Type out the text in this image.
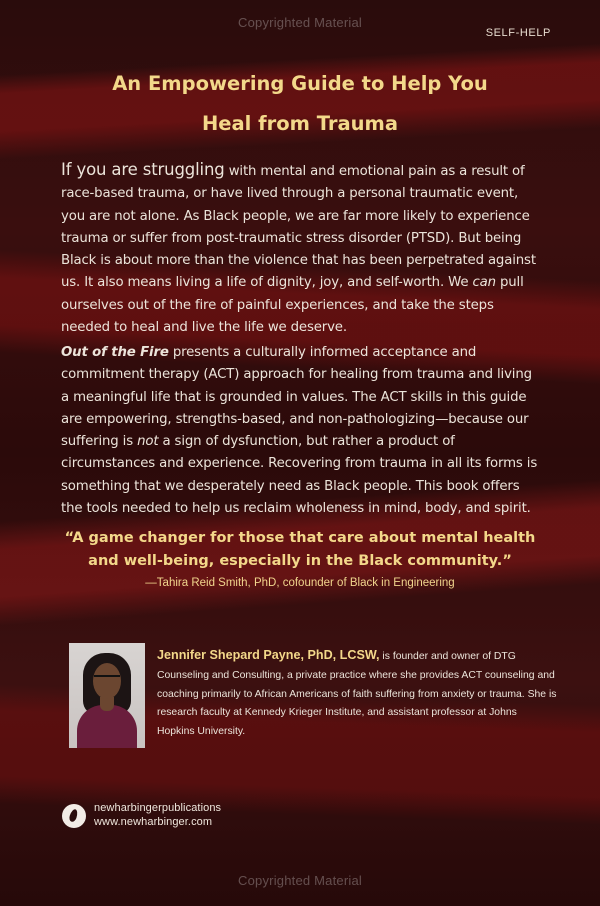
Copyrighted Material
SELF-HELP
An Empowering Guide to Help You
Heal from Trauma

If you are struggling with mental and emotional pain as a result of race-based trauma, or have lived through a personal traumatic event, you are not alone. As Black people, we are far more likely to experience trauma or suffer from post-traumatic stress disorder (PTSD). But being Black is about more than the violence that has been perpetrated against us. It also means living a life of dignity, joy, and self-worth. We can pull ourselves out of the fire of painful experiences, and take the steps needed to heal and live the life we deserve.

Out of the Fire presents a culturally informed acceptance and commitment therapy (ACT) approach for healing from trauma and living a meaningful life that is grounded in values. The ACT skills in this guide are empowering, strengths-based, and non-pathologizing—because our suffering is not a sign of dysfunction, but rather a product of circumstances and experience. Recovering from trauma in all its forms is something that we desperately need as Black people. This book offers the tools needed to help us reclaim wholeness in mind, body, and spirit.

“A game changer for those that care about mental health and well-being, especially in the Black community.”

—Tahira Reid Smith, PhD, cofounder of Black in Engineering

Jennifer Shepard Payne, PhD, LCSW, is founder and owner of DTG Counseling and Consulting, a private practice where she provides ACT counseling and coaching primarily to African Americans of faith suffering from anxiety or trauma. She is research faculty at Kennedy Krieger Institute, and assistant professor at Johns Hopkins University.

newharbingerpublications
www.newharbinger.com
Copyrighted Material
